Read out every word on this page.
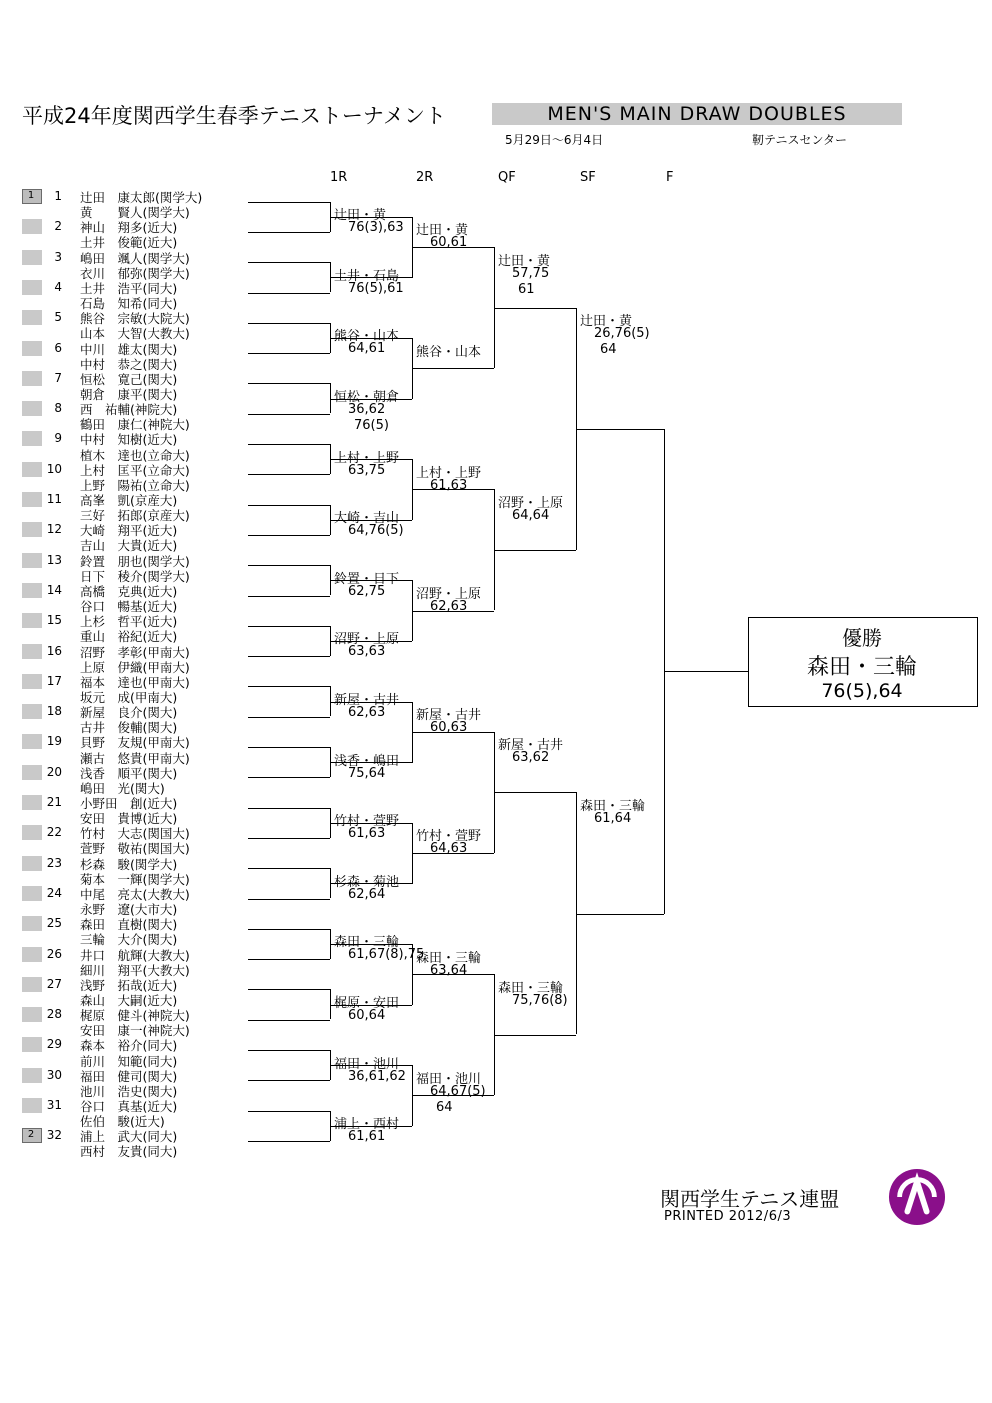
平成24年度関西学生春季テニストーナメント	MEN'S MAIN DRAW DOUBLES
5月29日〜6月4日	靭テニスセンター
1R	2R	QF	SF	F
1	1 辻田　康太郎(関学大)
黄　　賢人(関学大)
2 神山　翔多(近大)
土井　俊範(近大)
3 嶋田　颯人(関学大)
衣川　郁弥(関学大)
4 土井　浩平(同大)
石島　知希(同大)
5 熊谷　宗敏(大院大)
山本　大智(大教大)
6 中川　雄太(関大)
中村　恭之(関大)
7 恒松　寛己(関大)
朝倉　康平(関大)
8 西　祐輔(神院大)
鶴田　康仁(神院大)
9 中村　知樹(近大)
植木　達也(立命大)
10 上村　匡平(立命大)
上野　陽祐(立命大)
11 高峯　凱(京産大)
三好　拓郎(京産大)
12 大崎　翔平(近大)
吉山　大貴(近大)
13 鈴置　朋也(関学大)
日下　稜介(関学大)
14 高橋　克典(近大)
谷口　暢基(近大)
15 上杉　哲平(近大)
重山　裕紀(近大)
16 沼野　孝彰(甲南大)
上原　伊織(甲南大)
17 福本　達也(甲南大)
坂元　成(甲南大)
18 新屋　良介(関大)
古井　俊輔(関大)
19 貝野　友規(甲南大)
瀬古　悠貴(甲南大)
20 浅香　順平(関大)
嶋田　光(関大)
21 小野田　創(近大)
安田　貴博(近大)
22 竹村　大志(関国大)
萱野　敬祐(関国大)
23 杉森　駿(関学大)
菊本　一輝(関学大)
24 中尾　亮太(大教大)
永野　遼(大市大)
25 森田　直樹(関大)
三輪　大介(関大)
26 井口　航輝(大教大)
細川　翔平(大教大)
27 浅野　拓哉(近大)
森山　大嗣(近大)
28 梶原　健斗(神院大)
安田　康一(神院大)
29 森本　裕介(同大)
前川　知範(同大)
30 福田　健司(関大)
池川　浩史(関大)
31 谷口　真基(近大)
佐伯　駿(近大)
2	32 浦上　武大(同大)
西村　友貴(同大)
辻田・黄
76(3),63
土井・石島
76(5),61
熊谷・山本
64,61
恒松・朝倉
36,62
76(5)
上村・上野
63,75
大崎・吉山
64,76(5)
鈴置・日下
62,75
沼野・上原
63,63
新屋・古井
62,63
浅香・嶋田
75,64
竹村・萱野
61,63
杉森・菊池
62,64
森田・三輪
61,67(8),75
梶原・安田
60,64
福田・池川
36,61,62
浦上・西村
61,61
辻田・黄
60,61
熊谷・山本
上村・上野
61,63
沼野・上原
62,63
新屋・古井
60,63
竹村・萱野
64,63
森田・三輪
63,64
福田・池川
64,67(5)
64
辻田・黄
57,75
61
沼野・上原
64,64
新屋・古井
63,62
森田・三輪
75,76(8)
辻田・黄
26,76(5)
64
森田・三輪
61,64
優勝
森田・三輪
76(5),64
関西学生テニス連盟
PRINTED 2012/6/3
